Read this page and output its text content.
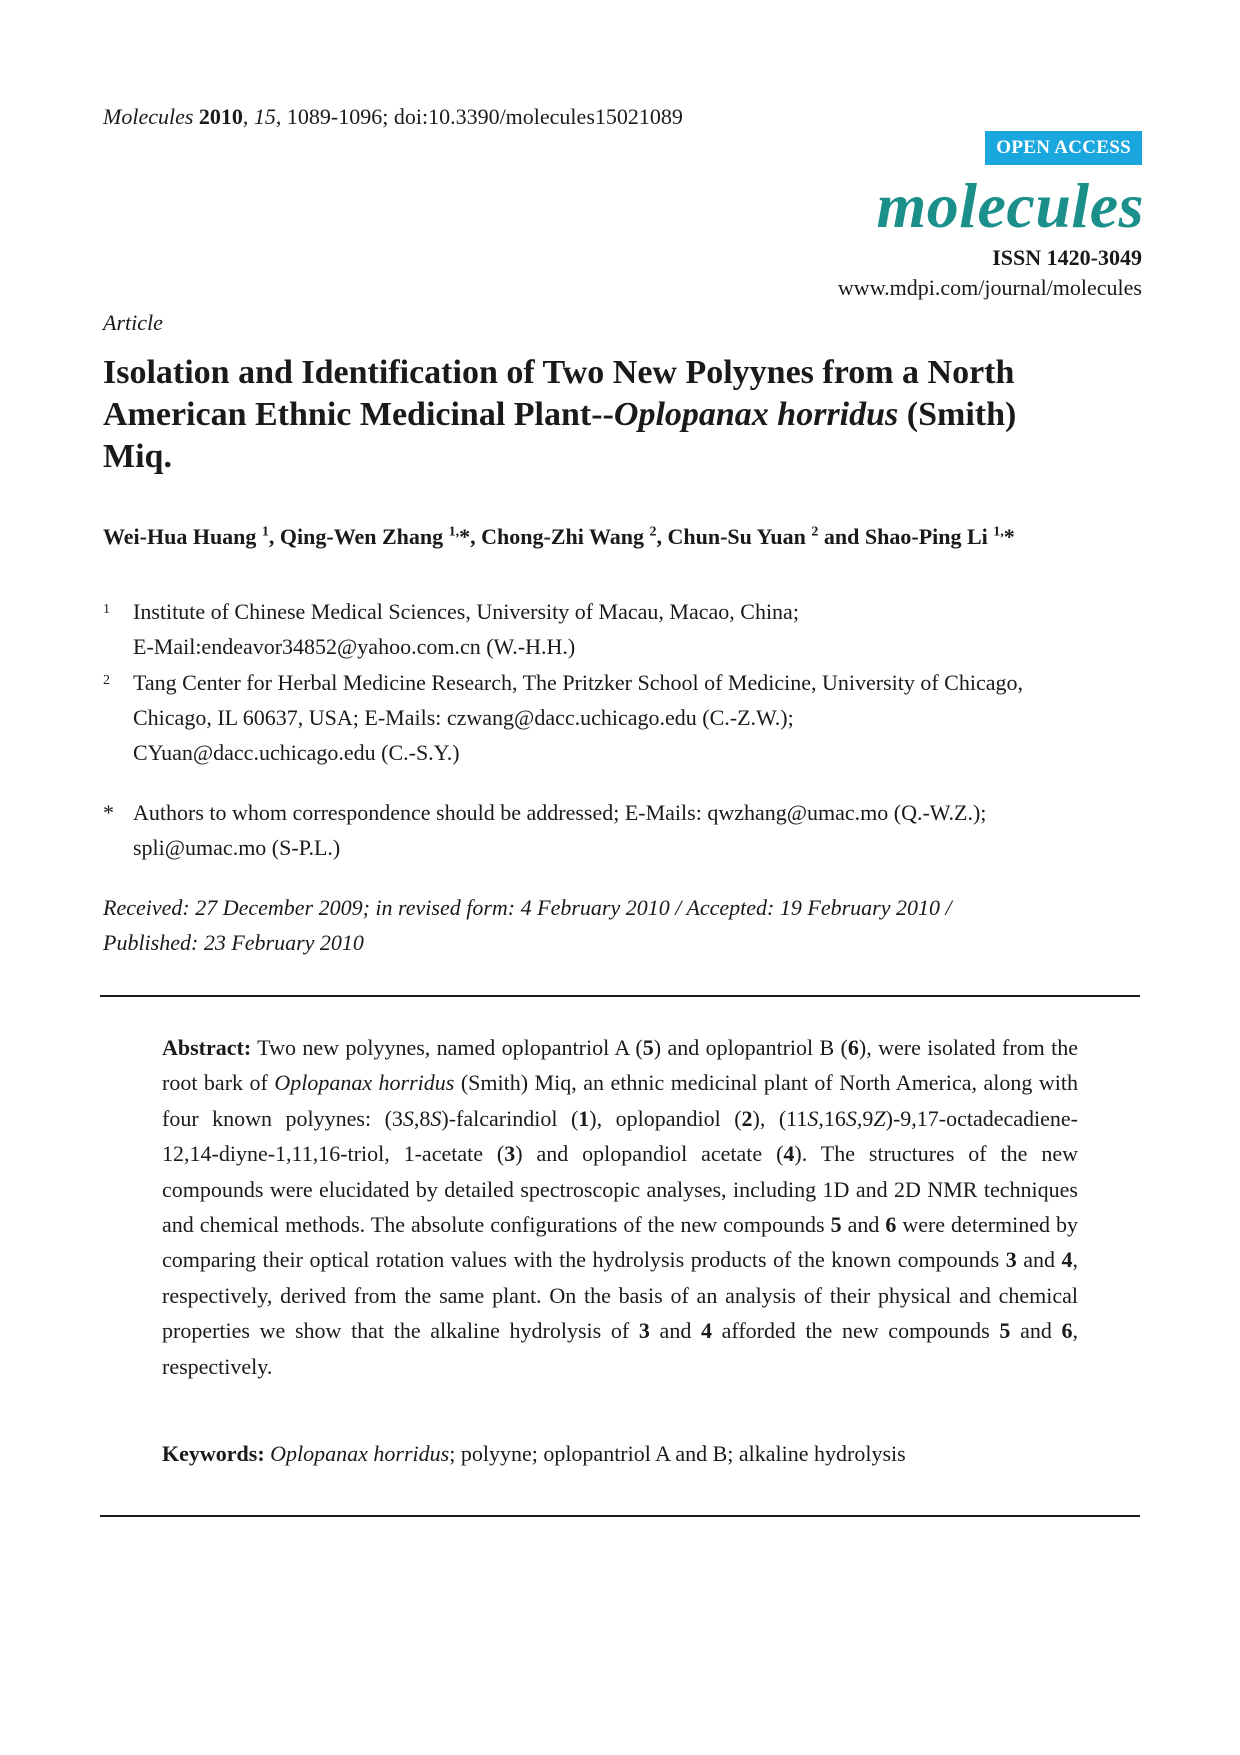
Molecules 2010, 15, 1089-1096; doi:10.3390/molecules15021089
OPEN ACCESS
molecules
ISSN 1420-3049
www.mdpi.com/journal/molecules
Article
Isolation and Identification of Two New Polyynes from a North
American Ethnic Medicinal Plant--Oplopanax horridus (Smith)
Miq.
Wei-Hua Huang $^1$, Qing-Wen Zhang $^{1,}$*, Chong-Zhi Wang $^2$, Chun-Su Yuan $^2$ and Shao-Ping Li $^{1,}$*
1 Institute of Chinese Medical Sciences, University of Macau, Macao, China;
E-Mail:endeavor34852@yahoo.com.cn (W.-H.H.)
2 Tang Center for Herbal Medicine Research, The Pritzker School of Medicine, University of Chicago,
Chicago, IL 60637, USA; E-Mails: czwang@dacc.uchicago.edu (C.-Z.W.);
CYuan@dacc.uchicago.edu (C.-S.Y.)
* Authors to whom correspondence should be addressed; E-Mails: qwzhang@umac.mo (Q.-W.Z.);
spli@umac.mo (S-P.L.)
Received: 27 December 2009; in revised form: 4 February 2010 / Accepted: 19 February 2010 /
Published: 23 February 2010
Abstract: Two new polyynes, named oplopantriol A (5) and oplopantriol B (6), were isolated from the root bark of Oplopanax horridus (Smith) Miq, an ethnic medicinal plant of North America, along with four known polyynes: (3S,8S)-falcarindiol (1), oplopandiol (2), (11S,16S,9Z)-9,17-octadecadiene-12,14-diyne-1,11,16-triol, 1-acetate (3) and oplopandiol acetate (4). The structures of the new compounds were elucidated by detailed spectroscopic analyses, including 1D and 2D NMR techniques and chemical methods. The absolute configurations of the new compounds 5 and 6 were determined by comparing their optical rotation values with the hydrolysis products of the known compounds 3 and 4, respectively, derived from the same plant. On the basis of an analysis of their physical and chemical properties we show that the alkaline hydrolysis of 3 and 4 afforded the new compounds 5 and 6, respectively.
Keywords: Oplopanax horridus; polyyne; oplopantriol A and B; alkaline hydrolysis
